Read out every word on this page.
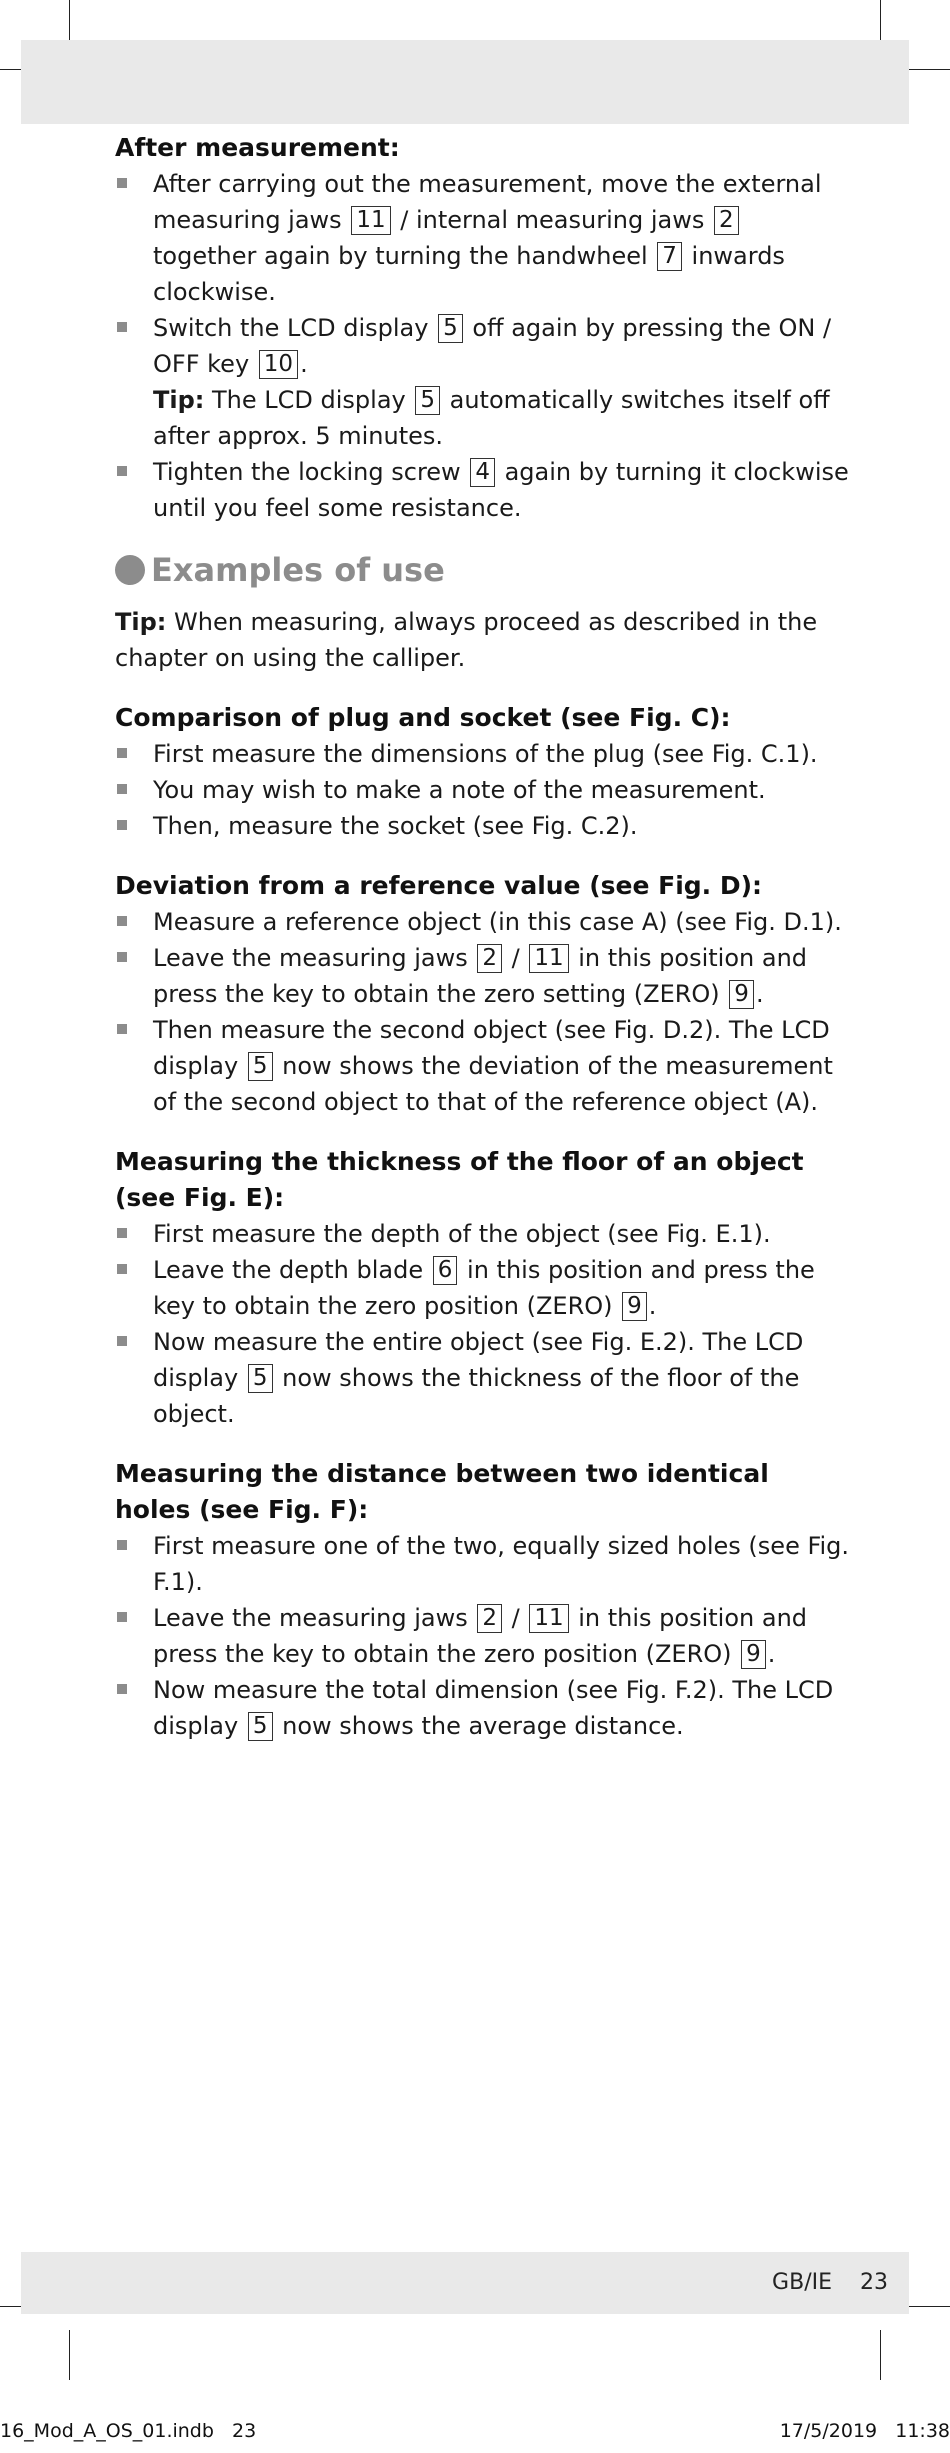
After measurement:
After carrying out the measurement, move the external measuring jaws 11 / internal measuring jaws 2 together again by turning the handwheel 7 inwards clockwise.
Switch the LCD display 5 off again by pressing the ON / OFF key 10 .
Tip: The LCD display 5 automatically switches itself off after approx. 5 minutes.
Tighten the locking screw 4 again by turning it clockwise until you feel some resistance.
Examples of use

Tip: When measuring, always proceed as described in the chapter on using the calliper.

Comparison of plug and socket (see Fig. C):
First measure the dimensions of the plug (see Fig. C.1).
You may wish to make a note of the measurement.
Then, measure the socket (see Fig. C.2).
Deviation from a reference value (see Fig. D):
Measure a reference object (in this case A) (see Fig. D.1).
Leave the measuring jaws 2 / 11 in this position and press the key to obtain the zero setting (ZERO) 9 .
Then measure the second object (see Fig. D.2). The LCD display 5 now shows the deviation of the measurement of the second object to that of the reference object (A).
Measuring the thickness of the floor of an object (see Fig. E):
First measure the depth of the object (see Fig. E.1).
Leave the depth blade 6 in this position and press the key to obtain the zero position (ZERO) 9 .
Now measure the entire object (see Fig. E.2). The LCD display 5 now shows the thickness of the floor of the object.
Measuring the distance between two identical holes (see Fig. F):
First measure one of the two, equally sized holes (see Fig. F.1).
Leave the measuring jaws 2 / 11 in this position and press the key to obtain the zero position (ZERO) 9 .
Now measure the total dimension (see Fig. F.2). The LCD display 5 now shows the average distance.
GB/IE 23
16_Mod_A_OS_01.indb   23	17/5/2019   11:38
